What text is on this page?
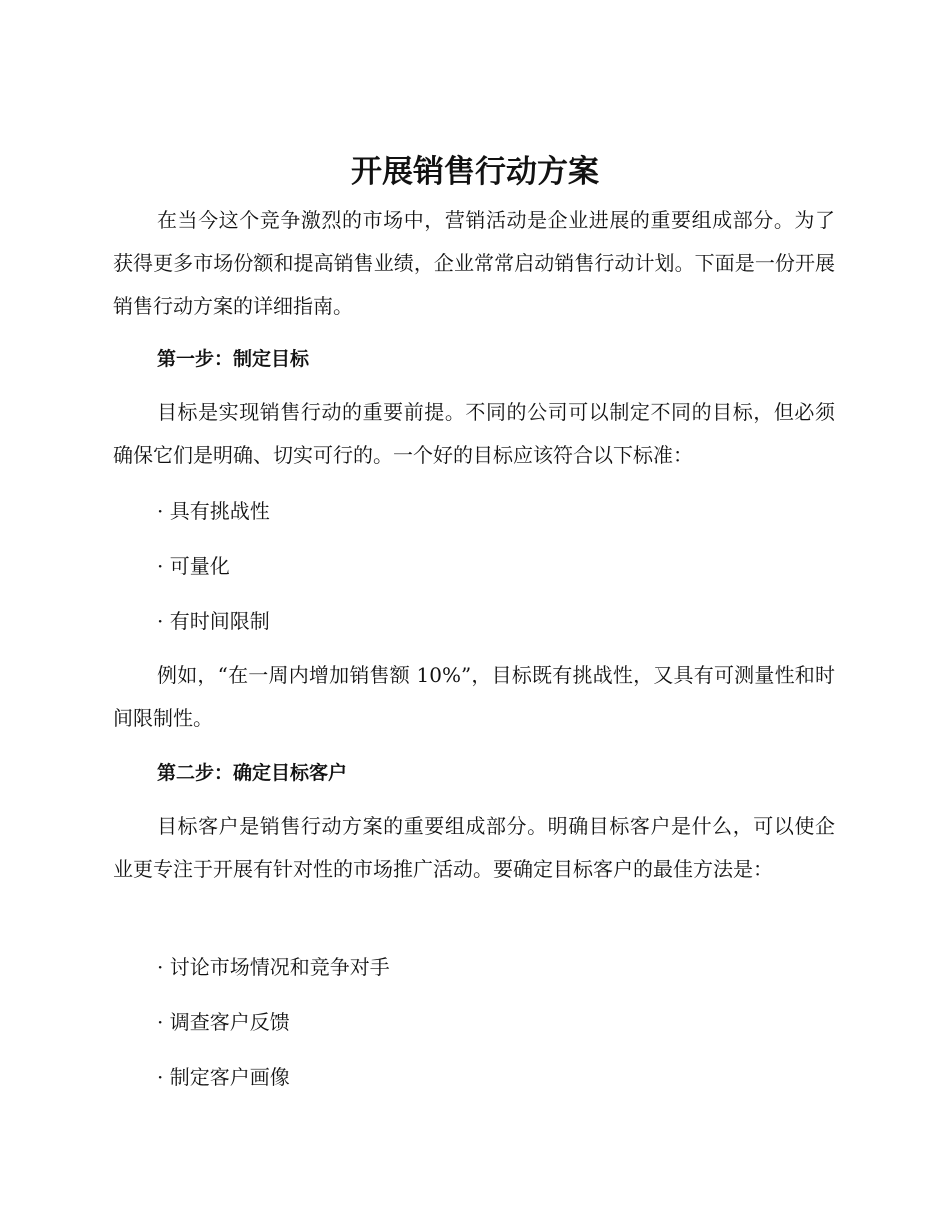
开展销售行动方案

在当今这个竞争激烈的市场中，营销活动是企业进展的重要组成部分。为了获得更多市场份额和提高销售业绩，企业常常启动销售行动计划。下面是一份开展销售行动方案的详细指南。

第一步：制定目标

目标是实现销售行动的重要前提。不同的公司可以制定不同的目标，但必须确保它们是明确、切实可行的。一个好的目标应该符合以下标准：

· 具有挑战性

· 可量化

· 有时间限制

例如，“在一周内增加销售额 10%”，目标既有挑战性，又具有可测量性和时间限制性。

第二步：确定目标客户

目标客户是销售行动方案的重要组成部分。明确目标客户是什么，可以使企业更专注于开展有针对性的市场推广活动。要确定目标客户的最佳方法是：

· 讨论市场情况和竞争对手

· 调查客户反馈

· 制定客户画像
